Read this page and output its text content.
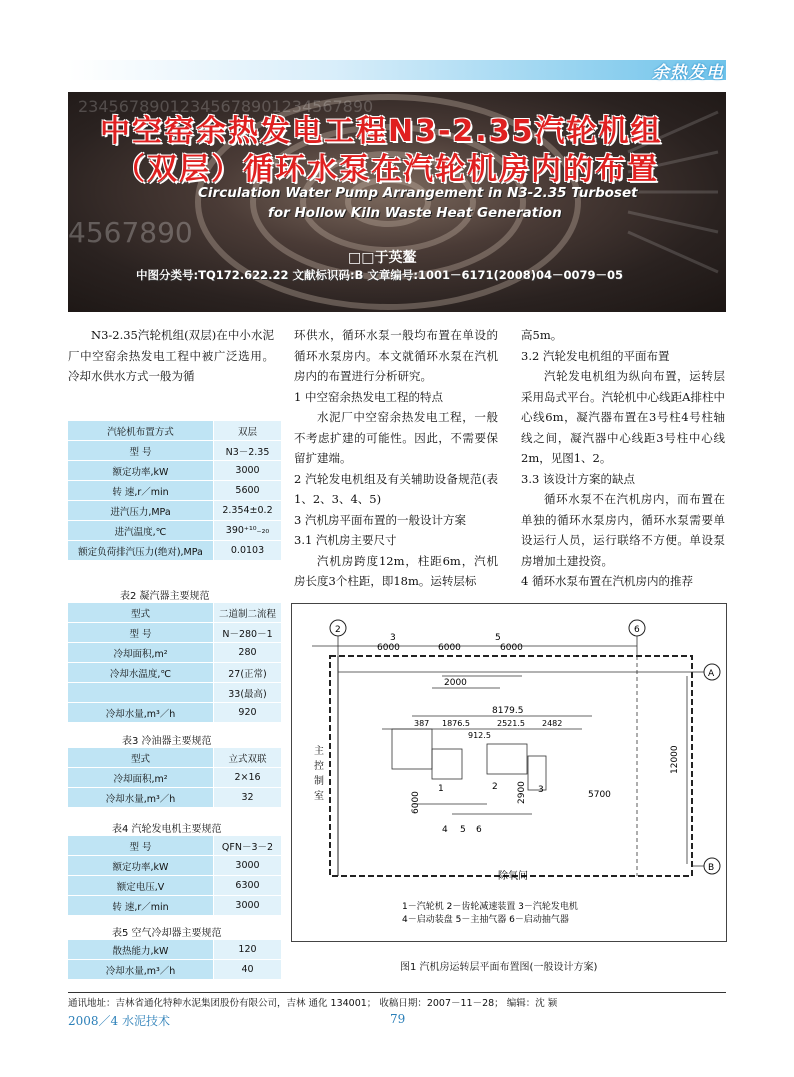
余热发电
23456789012345678901234567890
4567890
中空窑余热发电工程N3-2.35汽轮机组
（双层）循环水泵在汽轮机房内的布置
Circulation Water Pump Arrangement in N3-2.35 Turboset
for Hollow Kiln Waste Heat Generation
□□于英鳌
中图分类号:TQ172.622.22 文献标识码:B 文章编号:1001－6171(2008)04－0079－05
N3-2.35汽轮机组(双层)在中小水泥厂中空窑余热发电工程中被广泛选用。冷却水供水方式一般为循
汽轮机布置方式	双层
型 号	N3－2.35
额定功率,kW	3000
转 速,r／min	5600
进汽压力,MPa	2.354±0.2
进汽温度,℃	390⁺¹⁰₋₂₀
额定负荷排汽压力(绝对),MPa	0.0103
表2 凝汽器主要规范
型式	二道制二流程
型 号	N－280－1
冷却面积,m²	280
冷却水温度,℃	27(正常)
	33(最高)
冷却水量,m³／h	920
表3 冷油器主要规范
型式	立式双联
冷却面积,m²	2×16
冷却水量,m³／h	32
表4 汽轮发电机主要规范
型 号	QFN－3－2
额定功率,kW	3000
额定电压,V	6300
转 速,r／min	3000
表5 空气冷却器主要规范
散热能力,kW	120
冷却水量,m³／h	40

环供水，循环水泵一般均布置在单设的循环水泵房内。本文就循环水泵在汽机房内的布置进行分析研究。

1 中空窑余热发电工程的特点

水泥厂中空窑余热发电工程，一般不考虑扩建的可能性。因此，不需要保留扩建端。

2 汽轮发电机组及有关辅助设备规范(表1、2、3、4、5)

3 汽机房平面布置的一般设计方案

3.1 汽机房主要尺寸

汽机房跨度12m，柱距6m，汽机房长度3个柱距，即18m。运转层标

高5m。

3.2 汽轮发电机组的平面布置

汽轮发电机组为纵向布置，运转层采用岛式平台。汽轮机中心线距A排柱中心线6m，凝汽器布置在3号柱4号柱轴线之间，凝汽器中心线距3号柱中心线2m，见图1、2。

3.3 该设计方案的缺点

循环水泵不在汽机房内，而布置在单独的循环水泵房内，循环水泵需要单设运行人员，运行联络不方便。单设泵房增加土建投资。

4 循环水泵布置在汽机房内的推荐

2	6
A
B
3	5
6000	6000	6000
2000
8179.5
387 1876.5	2521.5 2482
912.5
12000
6000	2900	5700
1	2	3
4 5 6
除氧间
主控制室
1－汽轮机 2－齿轮减速装置 3－汽轮发电机
4－启动装盘 5－主抽气器 6－启动抽气器
图1 汽机房运转层平面布置图(一般设计方案)
通讯地址：吉林省通化特种水泥集团股份有限公司，吉林 通化 134001； 收稿日期：2007－11－28； 编辑：沈 颍
2008／4 水泥技术	79
